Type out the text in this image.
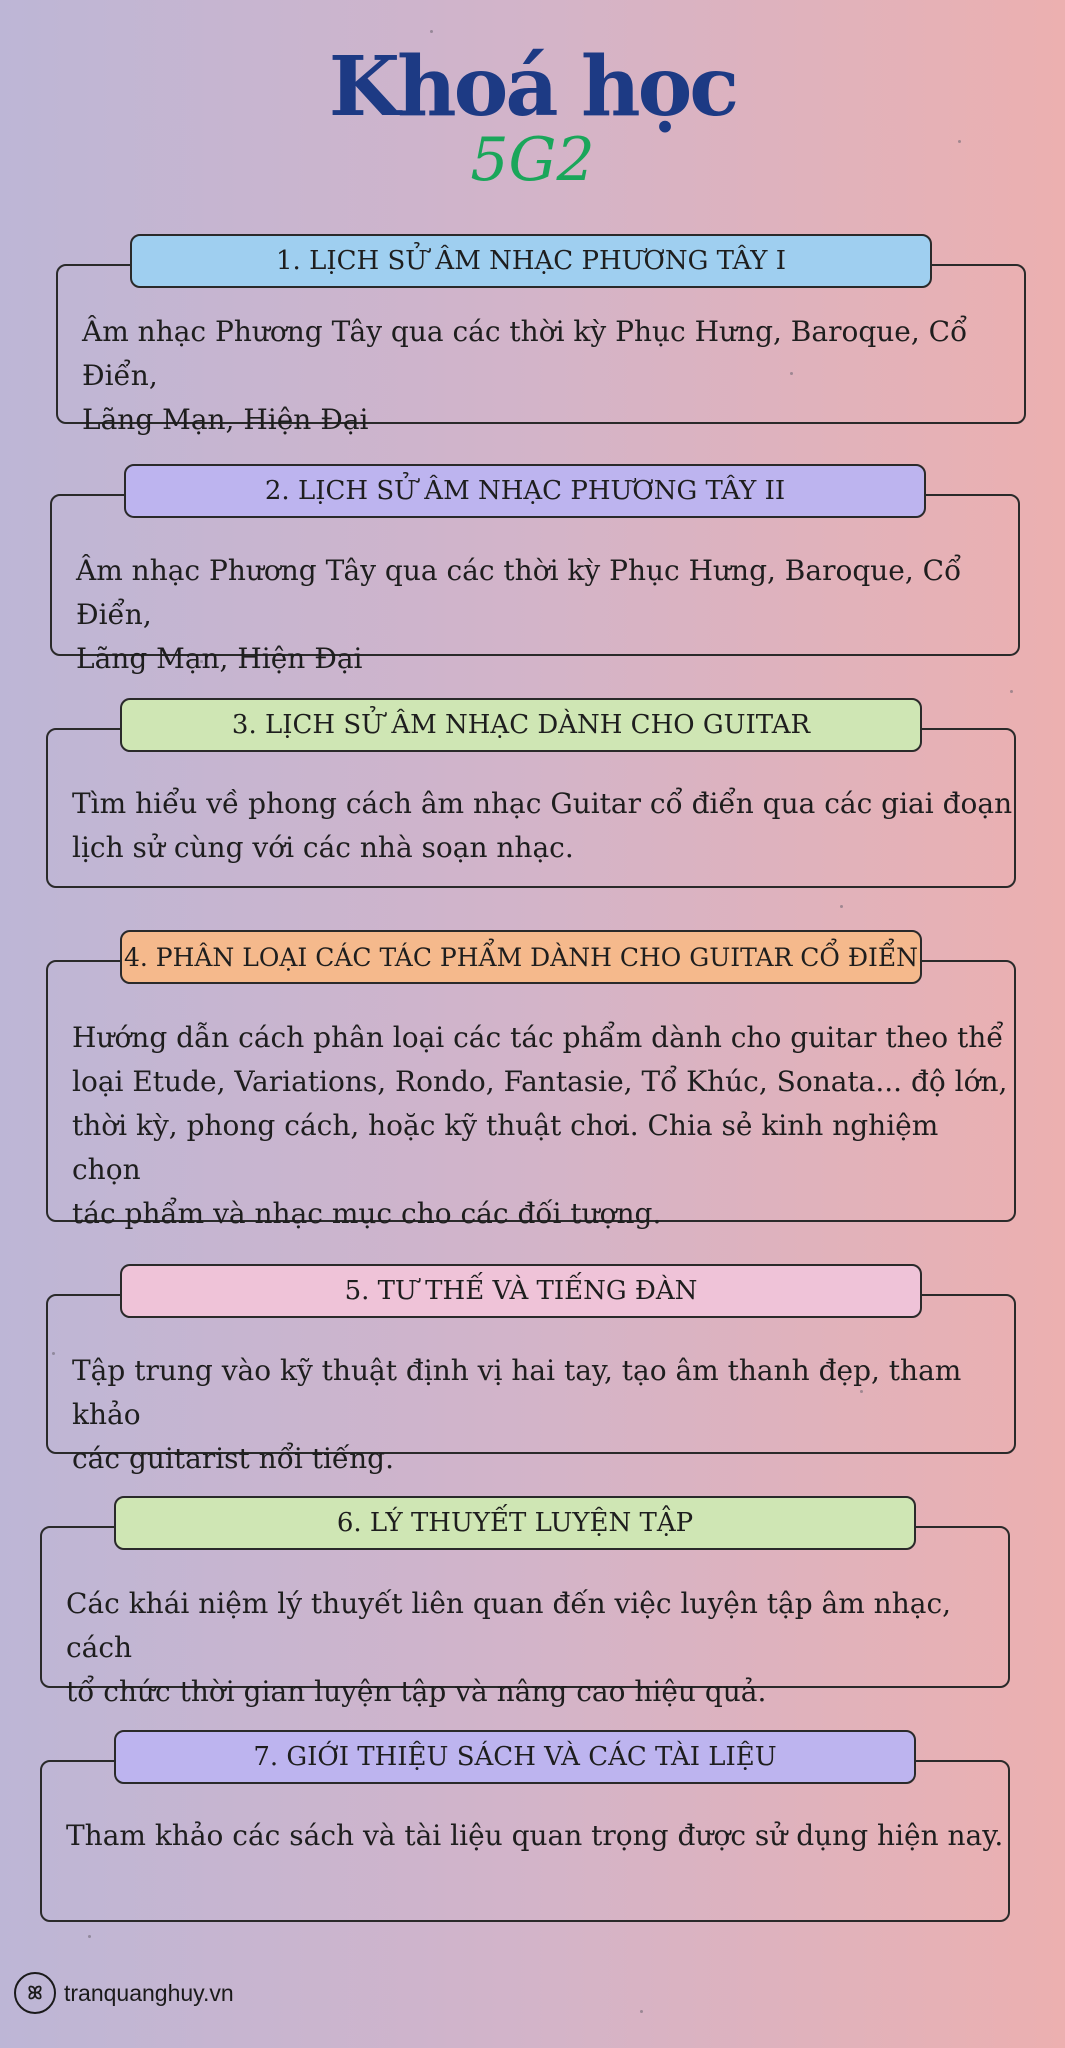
Khoá học
5G2
1. LỊCH SỬ ÂM NHẠC PHƯƠNG TÂY I
Âm nhạc Phương Tây qua các thời kỳ Phục Hưng, Baroque, Cổ Điển,
Lãng Mạn, Hiện Đại
2. LỊCH SỬ ÂM NHẠC PHƯƠNG TÂY II
Âm nhạc Phương Tây qua các thời kỳ Phục Hưng, Baroque, Cổ Điển,
Lãng Mạn, Hiện Đại
3. LỊCH SỬ ÂM NHẠC DÀNH CHO GUITAR
Tìm hiểu về phong cách âm nhạc Guitar cổ điển qua các giai đoạn
lịch sử cùng với các nhà soạn nhạc.
4. PHÂN LOẠI CÁC TÁC PHẨM DÀNH CHO GUITAR CỔ ĐIỂN
Hướng dẫn cách phân loại các tác phẩm dành cho guitar theo thể
loại Etude, Variations, Rondo, Fantasie, Tổ Khúc, Sonata... độ lớn,
thời kỳ, phong cách, hoặc kỹ thuật chơi. Chia sẻ kinh nghiệm chọn
tác phẩm và nhạc mục cho các đối tượng.
5. TƯ THẾ VÀ TIẾNG ĐÀN
Tập trung vào kỹ thuật định vị hai tay, tạo âm thanh đẹp, tham khảo
các guitarist nổi tiếng.
6. LÝ THUYẾT LUYỆN TẬP
Các khái niệm lý thuyết liên quan đến việc luyện tập âm nhạc, cách
tổ chức thời gian luyện tập và nâng cao hiệu quả.
7. GIỚI THIỆU SÁCH VÀ CÁC TÀI LIỆU
Tham khảo các sách và tài liệu quan trọng được sử dụng hiện nay.
ꕤ tranquanghuy.vn
